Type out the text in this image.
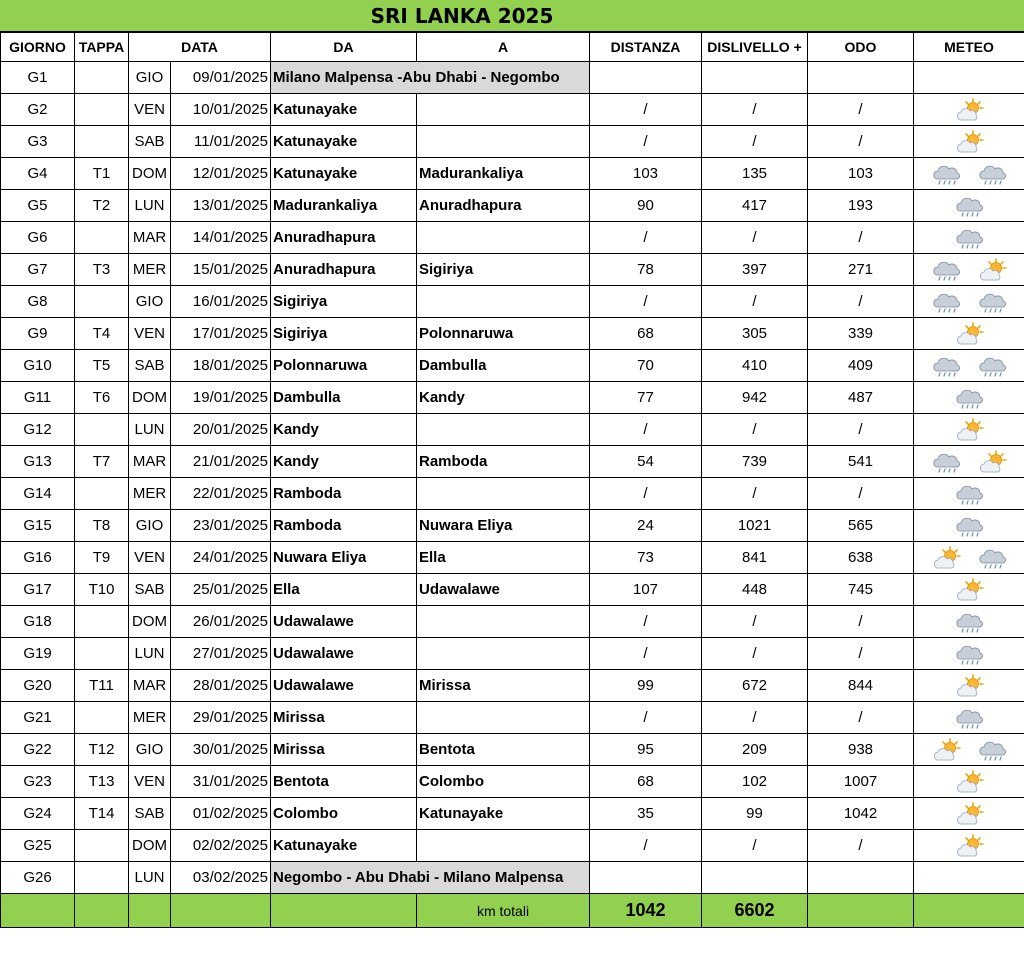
SRI LANKA 2025
GIORNO	TAPPA	DATA		DA	A	DISTANZA	DISLIVELLO +	ODO	METEO
G1		GIO	09/01/2025	Milano Malpensa -Abu Dhabi - Negombo					
G2		VEN	10/01/2025	Katunayake		/	/	/	
G3		SAB	11/01/2025	Katunayake		/	/	/	
G4	T1	DOM	12/01/2025	Katunayake	Madurankaliya	103	135	103	
G5	T2	LUN	13/01/2025	Madurankaliya	Anuradhapura	90	417	193	
G6		MAR	14/01/2025	Anuradhapura		/	/	/	
G7	T3	MER	15/01/2025	Anuradhapura	Sigiriya	78	397	271	
G8		GIO	16/01/2025	Sigiriya		/	/	/	
G9	T4	VEN	17/01/2025	Sigiriya	Polonnaruwa	68	305	339	
G10	T5	SAB	18/01/2025	Polonnaruwa	Dambulla	70	410	409	
G11	T6	DOM	19/01/2025	Dambulla	Kandy	77	942	487	
G12		LUN	20/01/2025	Kandy		/	/	/	
G13	T7	MAR	21/01/2025	Kandy	Ramboda	54	739	541	
G14		MER	22/01/2025	Ramboda		/	/	/	
G15	T8	GIO	23/01/2025	Ramboda	Nuwara Eliya	24	1021	565	
G16	T9	VEN	24/01/2025	Nuwara Eliya	Ella	73	841	638	
G17	T10	SAB	25/01/2025	Ella	Udawalawe	107	448	745	
G18		DOM	26/01/2025	Udawalawe		/	/	/	
G19		LUN	27/01/2025	Udawalawe		/	/	/	
G20	T11	MAR	28/01/2025	Udawalawe	Mirissa	99	672	844	
G21		MER	29/01/2025	Mirissa		/	/	/	
G22	T12	GIO	30/01/2025	Mirissa	Bentota	95	209	938	
G23	T13	VEN	31/01/2025	Bentota	Colombo	68	102	1007	
G24	T14	SAB	01/02/2025	Colombo	Katunayake	35	99	1042	
G25		DOM	02/02/2025	Katunayake		/	/	/	
G26		LUN	03/02/2025	Negombo - Abu Dhabi - Milano Malpensa					
					km totali	1042	6602		
